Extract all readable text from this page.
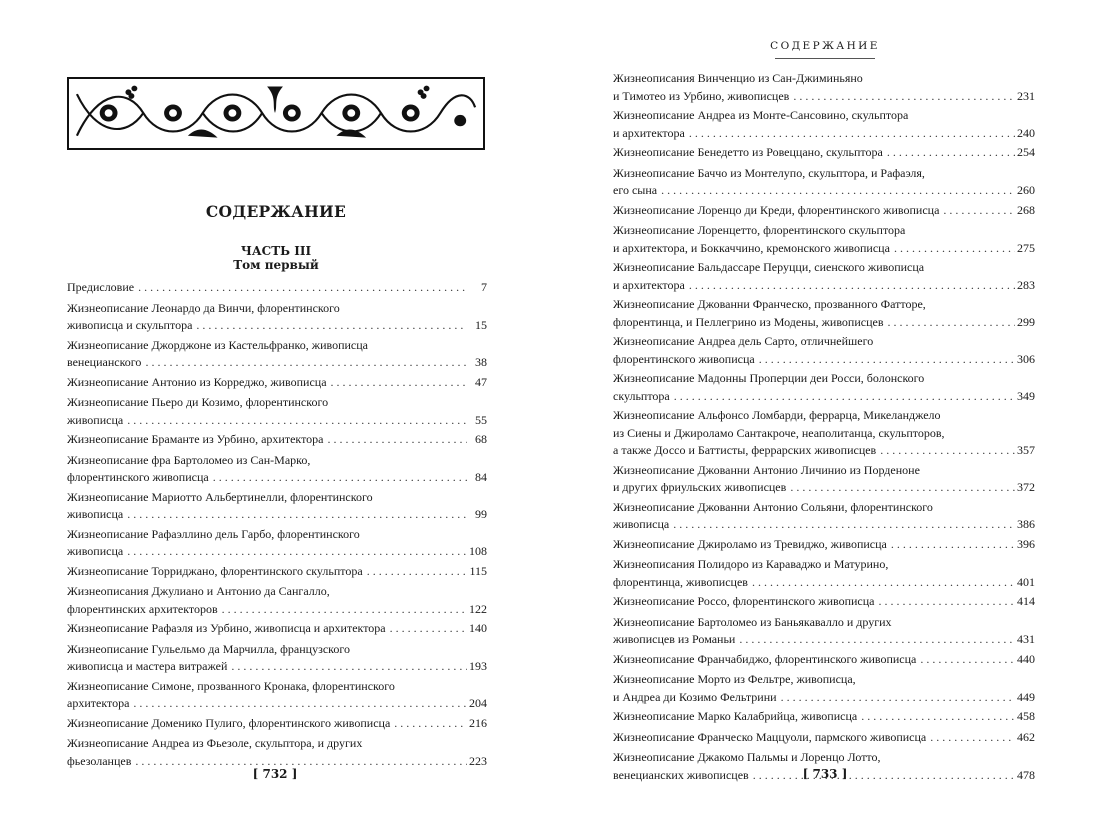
СОДЕРЖАНИЕ
ЧАСТЬ III
Том первый
Предисловие . . .	7
Жизнеописание Леонардо да Винчи, флорентинского
живописца и скульптора . . .	15
Жизнеописание Джорджоне из Кастельфранко, живописца
венецианского . . .	38
Жизнеописание Антонио из Корреджо, живописца . . .	47
Жизнеописание Пьеро ди Козимо, флорентинского
живописца . . .	55
Жизнеописание Браманте из Урбино, архитектора . . .	68
Жизнеописание фра Бартоломео из Сан-Марко,
флорентинского живописца . . .	84
Жизнеописание Мариотто Альбертинелли, флорентинского
живописца . . .	99
Жизнеописание Рафаэллино дель Гарбо, флорентинского
живописца . . .	108
Жизнеописание Торриджано, флорентинского скульптора . . .	115
Жизнеописания Джулиано и Антонио да Сангалло,
флорентинских архитекторов . . .	122
Жизнеописание Рафаэля из Урбино, живописца и архитектора . . .	140
Жизнеописание Гульельмо да Марчилла, французского
живописца и мастера витражей . . .	193
Жизнеописание Симоне, прозванного Кронака, флорентинского
архитектора . . .	204
Жизнеописание Доменико Пулиго, флорентинского живописца . . .	216
Жизнеописание Андреа из Фьезоле, скульптора, и других
фьезоланцев . . .	223
[ 732 ]
СОДЕРЖАНИЕ
Жизнеописания Винченцио из Сан-Джиминьяно
и Тимотео из Урбино, живописцев . . .	231
Жизнеописание Андреа из Монте-Сансовино, скульптора
и архитектора . . .	240
Жизнеописание Бенедетто из Ровеццано, скульптора . . .	254
Жизнеописание Баччо из Монтелупо, скульптора, и Рафаэля,
его сына . . .	260
Жизнеописание Лоренцо ди Креди, флорентинского живописца . . .	268
Жизнеописание Лоренцетто, флорентинского скульптора
и архитектора, и Боккаччино, кремонского живописца . . .	275
Жизнеописание Бальдассаре Перуцци, сиенского живописца
и архитектора . . .	283
Жизнеописание Джованни Франческо, прозванного Фатторе,
флорентинца, и Пеллегрино из Модены, живописцев . . .	299
Жизнеописание Андреа дель Сарто, отличнейшего
флорентинского живописца . . .	306
Жизнеописание Мадонны Проперции деи Росси, болонского
скульптора . . .	349
Жизнеописание Альфонсо Ломбарди, феррарца, Микеланджело
из Сиены и Джироламо Сантакроче, неаполитанца, скульпторов,
а также Доссо и Баттисты, феррарских живописцев . . .	357
Жизнеописание Джованни Антонио Личинио из Порденоне
и других фриульских живописцев . . .	372
Жизнеописание Джованни Антонио Сольяни, флорентинского
живописца . . .	386
Жизнеописание Джироламо из Тревиджо, живописца . . .	396
Жизнеописания Полидоро из Караваджо и Матурино,
флорентинца, живописцев . . .	401
Жизнеописание Россо, флорентинского живописца . . .	414
Жизнеописание Бартоломео из Баньякавалло и других
живописцев из Романьи . . .	431
Жизнеописание Франчабиджо, флорентинского живописца . . .	440
Жизнеописание Морто из Фельтре, живописца,
и Андреа ди Козимо Фельтрини . . .	449
Жизнеописание Марко Калабрийца, живописца . . .	458
Жизнеописание Франческо Маццуоли, пармского живописца . . .	462
Жизнеописание Джакомо Пальмы и Лоренцо Лотто,
венецианских живописцев . . .	478
[ 733 ]
